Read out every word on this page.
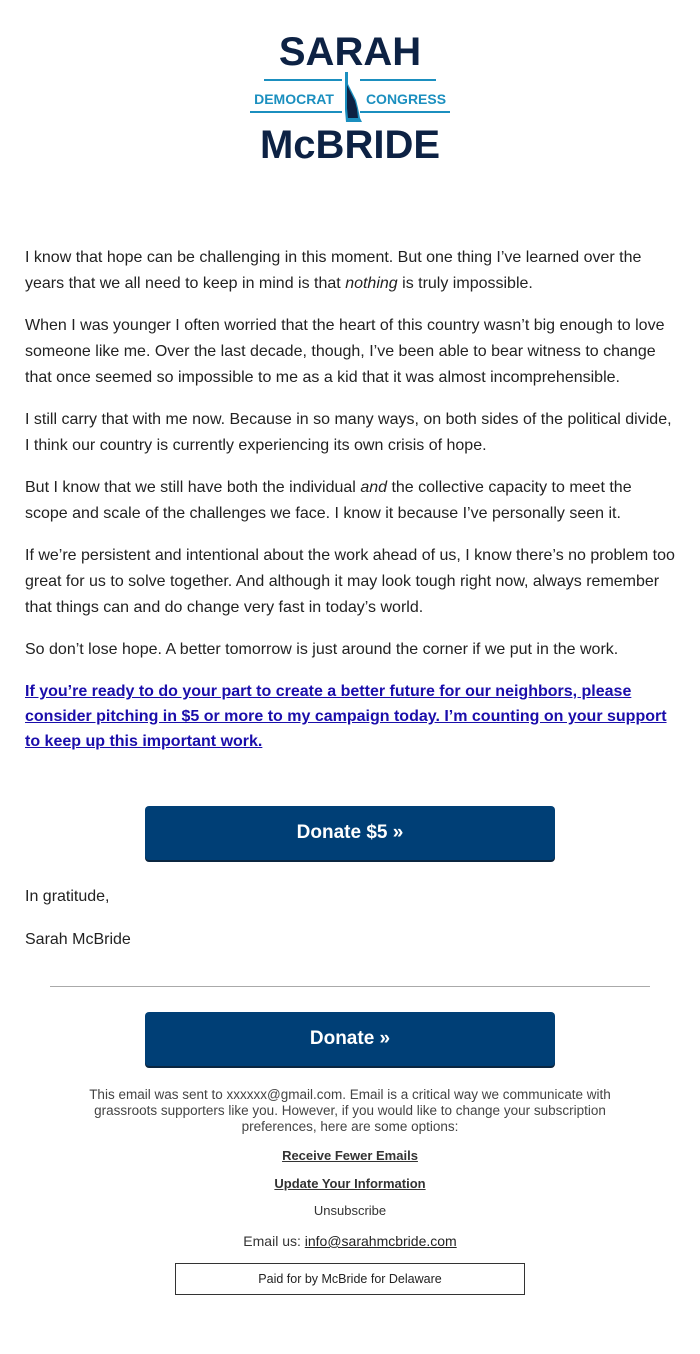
SARAH
DEMOCRAT CONGRESS
McBRIDE

I know that hope can be challenging in this moment. But one thing I’ve learned over the years that we all need to keep in mind is that nothing is truly impossible.

When I was younger I often worried that the heart of this country wasn’t big enough to love someone like me. Over the last decade, though, I’ve been able to bear witness to change that once seemed so impossible to me as a kid that it was almost incomprehensible.

I still carry that with me now. Because in so many ways, on both sides of the political divide, I think our country is currently experiencing its own crisis of hope.

But I know that we still have both the individual and the collective capacity to meet the scope and scale of the challenges we face. I know it because I’ve personally seen it.

If we’re persistent and intentional about the work ahead of us, I know there’s no problem too great for us to solve together. And although it may look tough right now, always remember that things can and do change very fast in today’s world.

So don’t lose hope. A better tomorrow is just around the corner if we put in the work.

If you’re ready to do your part to create a better future for our neighbors, please consider pitching in $5 or more to my campaign today. I’m counting on your support to keep up this important work.

Donate $5 »
In gratitude,
Sarah McBride
Donate »
This email was sent to xxxxxx@gmail.com. Email is a critical way we communicate with grassroots supporters like you. However, if you would like to change your subscription preferences, here are some options:
Receive Fewer Emails
Update Your Information
Unsubscribe
Email us: info@sarahmcbride.com
Paid for by McBride for Delaware
